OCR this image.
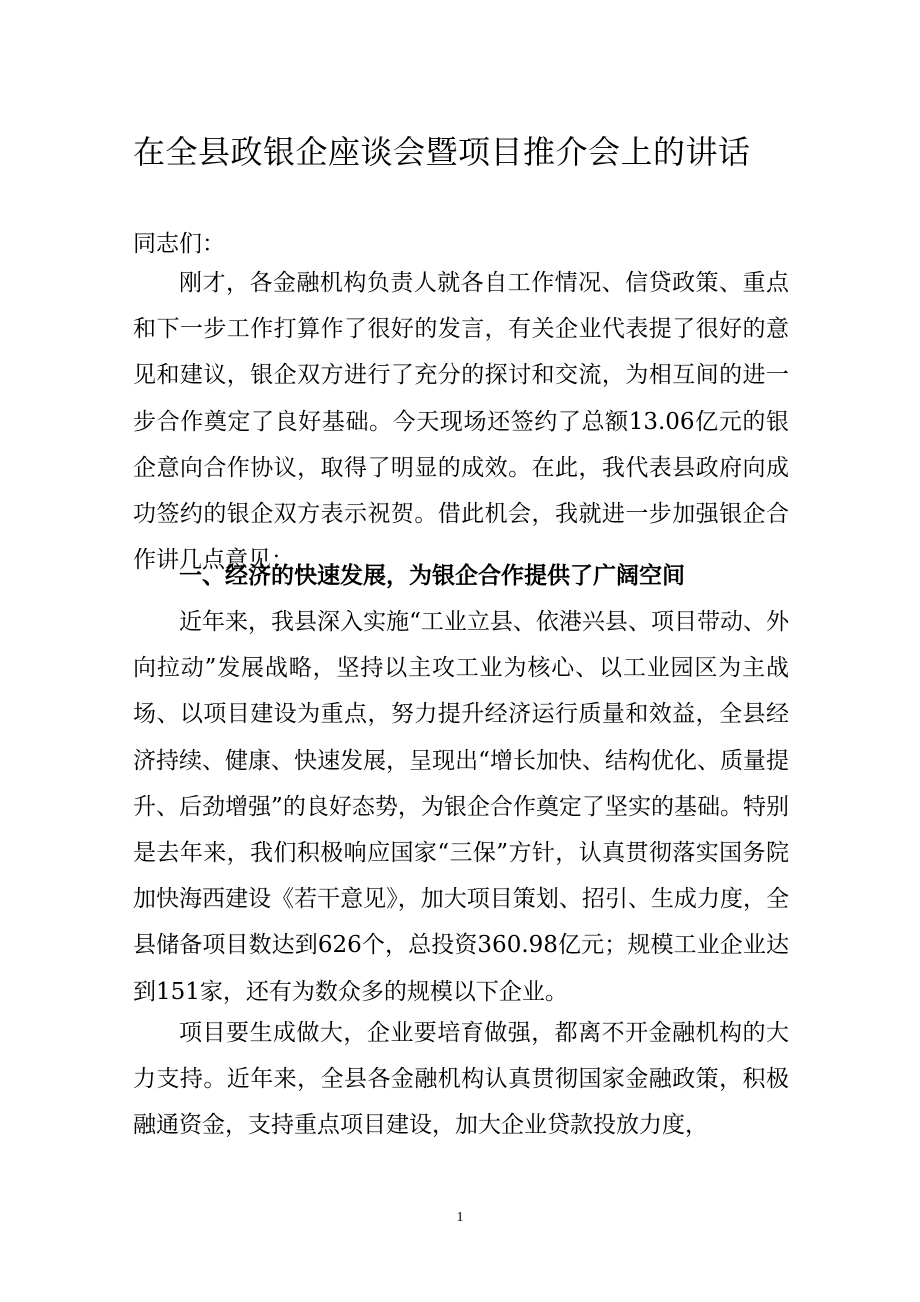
在全县政银企座谈会暨项目推介会上的讲话
同志们：

刚才，各金融机构负责人就各自工作情况、信贷政策、重点和下一步工作打算作了很好的发言，有关企业代表提了很好的意见和建议，银企双方进行了充分的探讨和交流，为相互间的进一步合作奠定了良好基础。今天现场还签约了总额13.06亿元的银企意向合作协议，取得了明显的成效。在此，我代表县政府向成功签约的银企双方表示祝贺。借此机会，我就进一步加强银企合作讲几点意见：

一、经济的快速发展，为银企合作提供了广阔空间

近年来，我县深入实施“工业立县、依港兴县、项目带动、外向拉动”发展战略，坚持以主攻工业为核心、以工业园区为主战场、以项目建设为重点，努力提升经济运行质量和效益，全县经济持续、健康、快速发展，呈现出“增长加快、结构优化、质量提升、后劲增强”的良好态势，为银企合作奠定了坚实的基础。特别是去年来，我们积极响应国家“三保”方针，认真贯彻落实国务院加快海西建设《若干意见》，加大项目策划、招引、生成力度，全县储备项目数达到626个，总投资360.98亿元；规模工业企业达到151家，还有为数众多的规模以下企业。

项目要生成做大，企业要培育做强，都离不开金融机构的大力支持。近年来，全县各金融机构认真贯彻国家金融政策，积极融通资金，支持重点项目建设，加大企业贷款投放力度，

1
